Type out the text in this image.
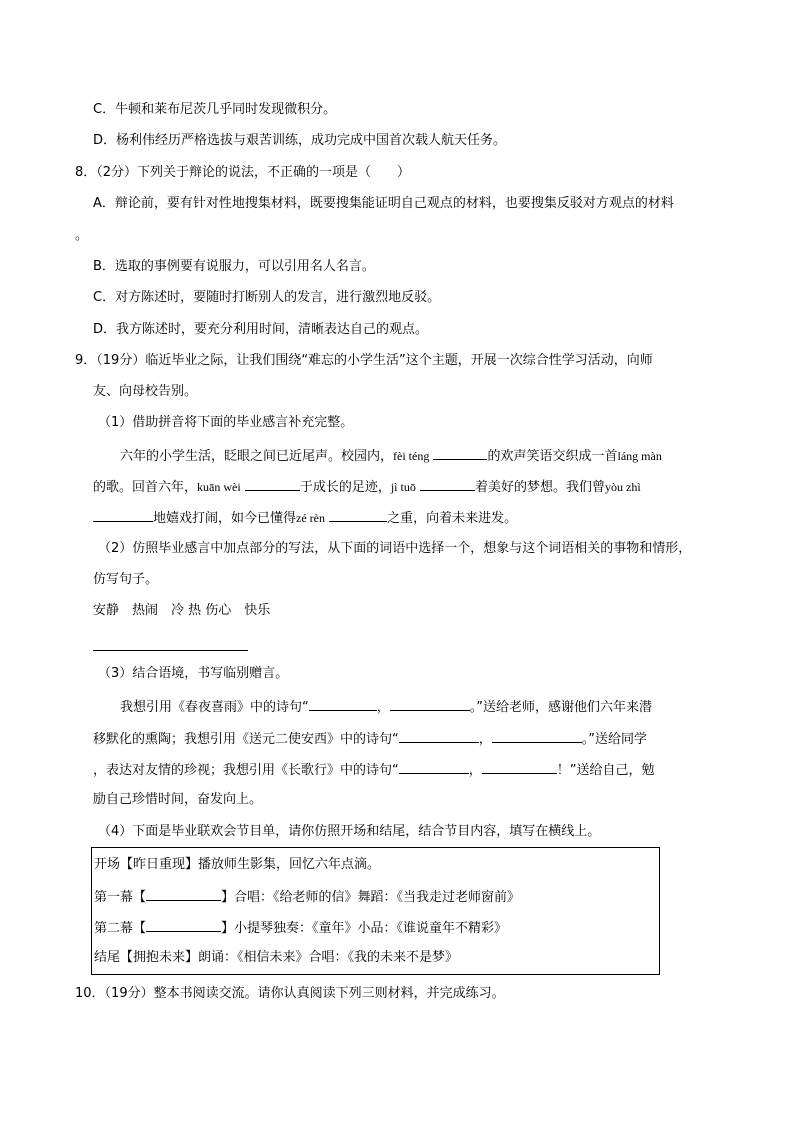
C．牛顿和莱布尼茨几乎同时发现微积分。
D．杨利伟经历严格选拔与艰苦训练，成功完成中国首次载人航天任务。
8．（2分）下列关于辩论的说法，不正确的一项是（　　）
A．辩论前，要有针对性地搜集材料，既要搜集能证明自己观点的材料，也要搜集反驳对方观点的材料
。
B．选取的事例要有说服力，可以引用名人名言。
C．对方陈述时，要随时打断别人的发言，进行激烈地反驳。
D．我方陈述时，要充分利用时间，清晰表达自己的观点。
9．（19分）临近毕业之际，让我们围绕“难忘的小学生活”这个主题，开展一次综合性学习活动，向师
友、向母校告别。
（1）借助拼音将下面的毕业感言补充完整。
六年的小学生活，眨眼之间已近尾声。校园内，fèi téng	的欢声笑语交织成一首láng màn
的歌。回首六年，kuān wèi	于成长的足迹，jì tuō	着美好的梦想。我们曾yòu zhì
地嬉戏打闹，如今已懂得zé rèn	之重，向着未来进发。
（2）仿照毕业感言中加点部分的写法，从下面的词语中选择一个，想象与这个词语相关的事物和情形，
仿写句子。
安静　热闹　冷 热 伤心　快乐
（3）结合语境，书写临别赠言。
我想引用《春夜喜雨》中的诗句“	，	。”送给老师，感谢他们六年来潜
移默化的熏陶；我想引用《送元二使安西》中的诗句“	，	。”送给同学
，表达对友情的珍视；我想引用《长歌行》中的诗句“	，	！”送给自己，勉
励自己珍惜时间，奋发向上。
（4）下面是毕业联欢会节目单，请你仿照开场和结尾，结合节目内容，填写在横线上。
开场【昨日重现】播放师生影集，回忆六年点滴。
第一幕【	】合唱：《给老师的信》舞蹈：《当我走过老师窗前》
第二幕【	】小提琴独奏：《童年》小品：《谁说童年不精彩》
结尾【拥抱未来】朗诵：《相信未来》合唱：《我的未来不是梦》
10．（19分）整本书阅读交流。请你认真阅读下列三则材料，并完成练习。
